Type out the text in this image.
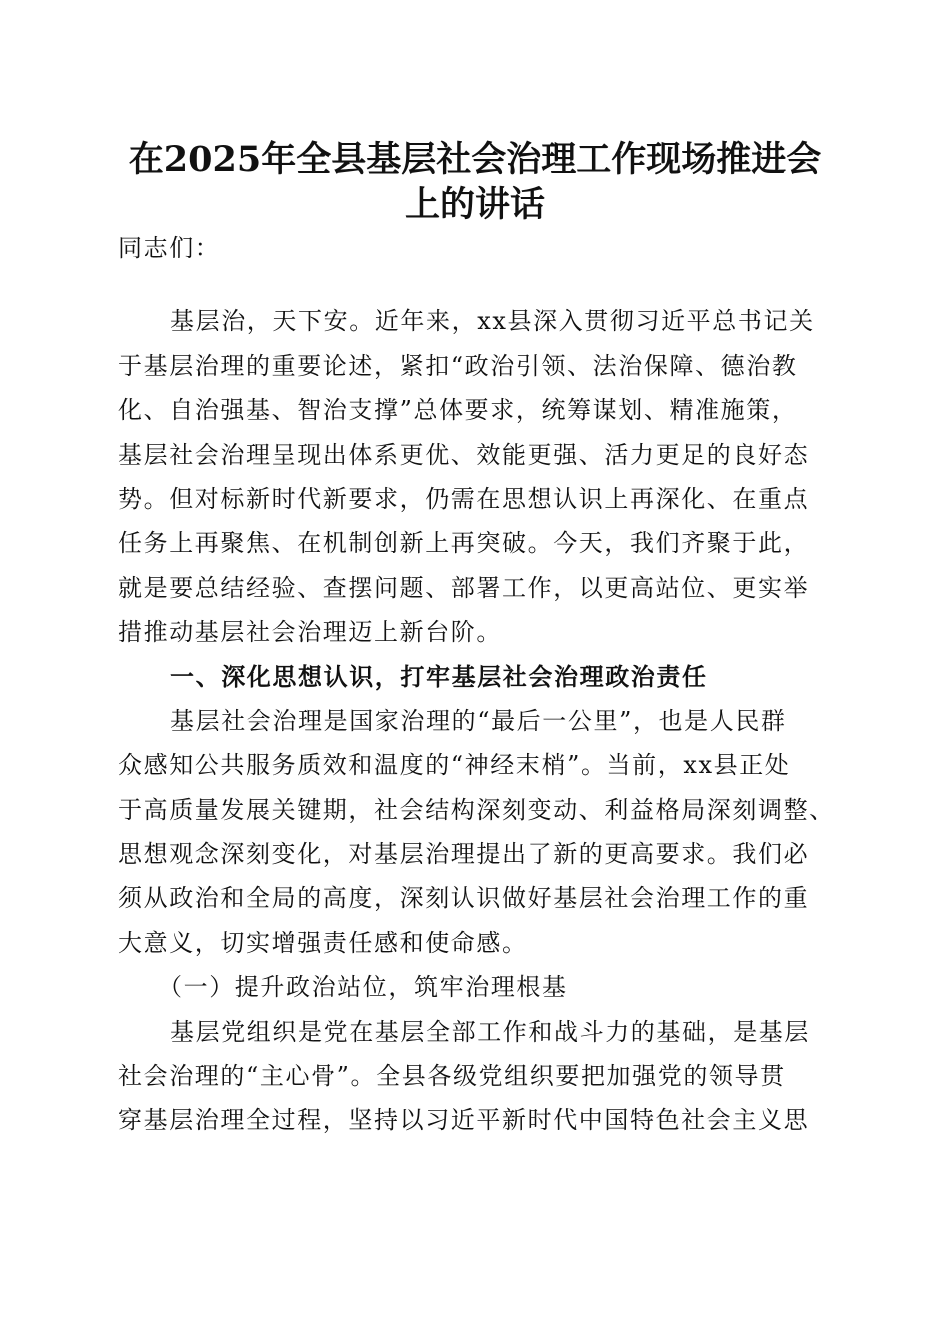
在2025年全县基层社会治理工作现场推进会
上的讲话
同志们：
基层治，天下安。近年来，xx县深入贯彻习近平总书记关
于基层治理的重要论述，紧扣“政治引领、法治保障、德治教
化、自治强基、智治支撑”总体要求，统筹谋划、精准施策，
基层社会治理呈现出体系更优、效能更强、活力更足的良好态
势。但对标新时代新要求，仍需在思想认识上再深化、在重点
任务上再聚焦、在机制创新上再突破。今天，我们齐聚于此，
就是要总结经验、查摆问题、部署工作，以更高站位、更实举
措推动基层社会治理迈上新台阶。
一、深化思想认识，打牢基层社会治理政治责任
基层社会治理是国家治理的“最后一公里”，也是人民群
众感知公共服务质效和温度的“神经末梢”。当前，xx县正处
于高质量发展关键期，社会结构深刻变动、利益格局深刻调整、
思想观念深刻变化，对基层治理提出了新的更高要求。我们必
须从政治和全局的高度，深刻认识做好基层社会治理工作的重
大意义，切实增强责任感和使命感。
（一）提升政治站位，筑牢治理根基
基层党组织是党在基层全部工作和战斗力的基础，是基层
社会治理的“主心骨”。全县各级党组织要把加强党的领导贯
穿基层治理全过程，坚持以习近平新时代中国特色社会主义思
